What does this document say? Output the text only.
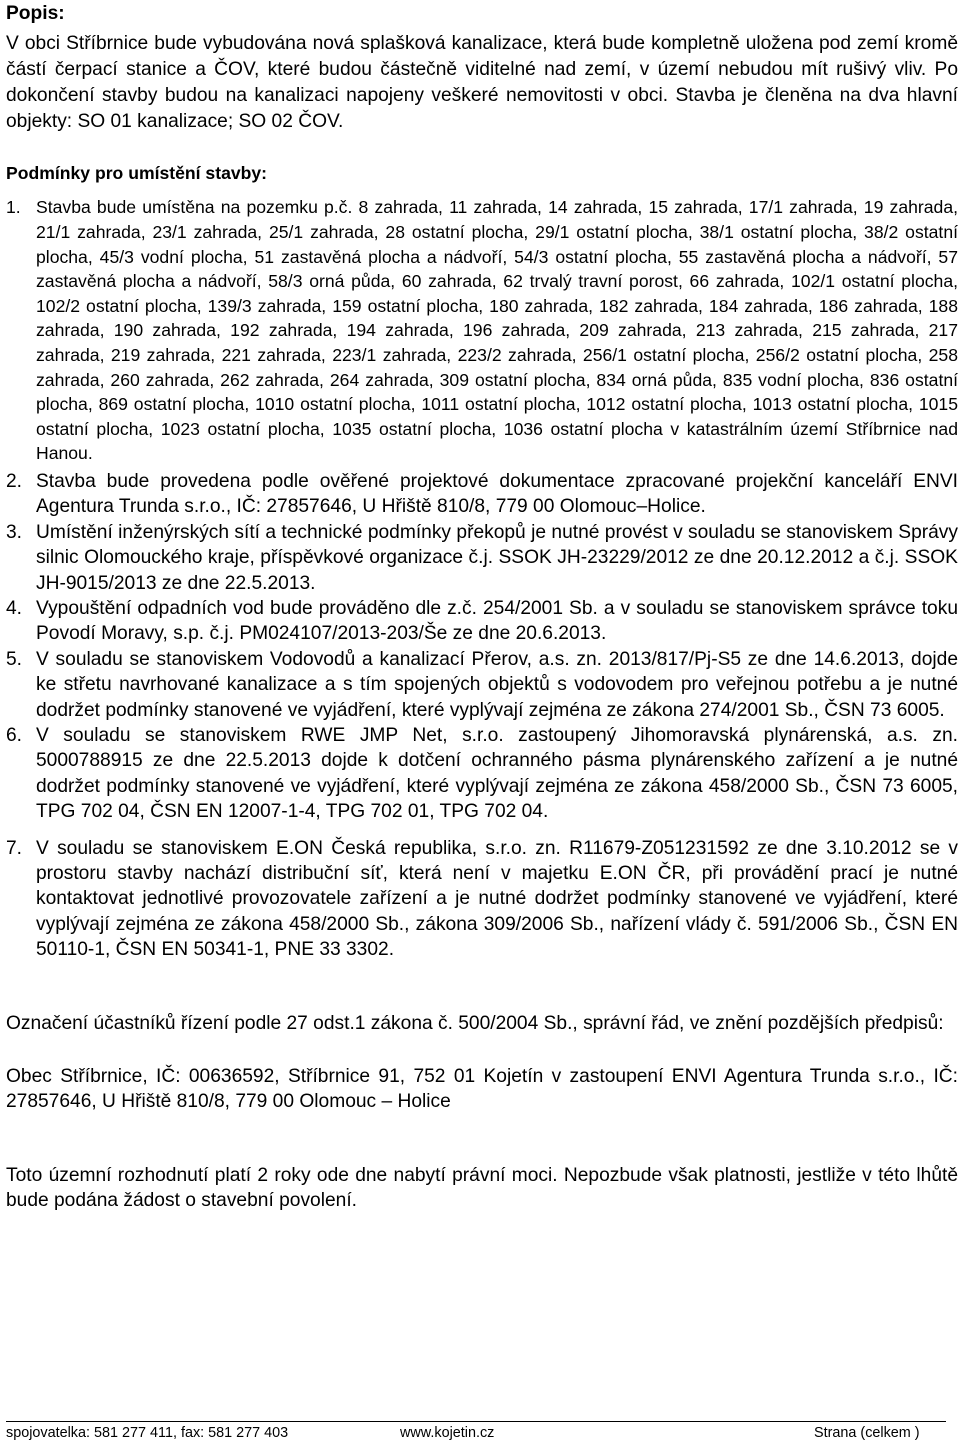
Popis:
V obci Stříbrnice bude vybudována nová splašková kanalizace, která bude kompletně uložena pod zemí kromě částí čerpací stanice a ČOV, které budou částečně viditelné nad zemí, v území nebudou mít rušivý vliv. Po dokončení stavby budou na kanalizaci napojeny veškeré nemovitosti v obci. Stavba je členěna na dva hlavní objekty: SO 01 kanalizace; SO 02 ČOV.
Podmínky pro umístění stavby:
1. Stavba bude umístěna na pozemku p.č. 8 zahrada, 11 zahrada, 14 zahrada, 15 zahrada, 17/1 zahrada, 19 zahrada, 21/1 zahrada, 23/1 zahrada, 25/1 zahrada, 28 ostatní plocha, 29/1 ostatní plocha, 38/1 ostatní plocha, 38/2 ostatní plocha, 45/3 vodní plocha, 51 zastavěná plocha a nádvoří, 54/3 ostatní plocha, 55 zastavěná plocha a nádvoří, 57 zastavěná plocha a nádvoří, 58/3 orná půda, 60 zahrada, 62 trvalý travní porost, 66 zahrada, 102/1 ostatní plocha, 102/2 ostatní plocha, 139/3 zahrada, 159 ostatní plocha, 180 zahrada, 182 zahrada, 184 zahrada, 186 zahrada, 188 zahrada, 190 zahrada, 192 zahrada, 194 zahrada, 196 zahrada, 209 zahrada, 213 zahrada, 215 zahrada, 217 zahrada, 219 zahrada, 221 zahrada, 223/1 zahrada, 223/2 zahrada, 256/1 ostatní plocha, 256/2 ostatní plocha, 258 zahrada, 260 zahrada, 262 zahrada, 264 zahrada, 309 ostatní plocha, 834 orná půda, 835 vodní plocha, 836 ostatní plocha, 869 ostatní plocha, 1010 ostatní plocha, 1011 ostatní plocha, 1012 ostatní plocha, 1013 ostatní plocha, 1015 ostatní plocha, 1023 ostatní plocha, 1035 ostatní plocha, 1036 ostatní plocha v katastrálním území Stříbrnice nad Hanou.
2. Stavba bude provedena podle ověřené projektové dokumentace zpracované projekční kanceláří ENVI Agentura Trunda s.r.o., IČ: 27857646, U Hřiště 810/8, 779 00 Olomouc–Holice.
3. Umístění inženýrských sítí a technické podmínky překopů je nutné provést v souladu se stanoviskem Správy silnic Olomouckého kraje, příspěvkové organizace č.j. SSOK JH-23229/2012 ze dne 20.12.2012 a č.j. SSOK JH-9015/2013 ze dne 22.5.2013.
4. Vypouštění odpadních vod bude prováděno dle z.č. 254/2001 Sb. a v souladu se stanoviskem správce toku Povodí Moravy, s.p. č.j. PM024107/2013-203/Še ze dne 20.6.2013.
5. V souladu se stanoviskem Vodovodů a kanalizací Přerov, a.s. zn. 2013/817/Pj-S5 ze dne 14.6.2013, dojde ke střetu navrhované kanalizace a s tím spojených objektů s vodovodem pro veřejnou potřebu a je nutné dodržet podmínky stanovené ve vyjádření, které vyplývají zejména ze zákona 274/2001 Sb., ČSN 73 6005.
6. V souladu se stanoviskem RWE JMP Net, s.r.o. zastoupený Jihomoravská plynárenská, a.s. zn. 5000788915 ze dne 22.5.2013 dojde k dotčení ochranného pásma plynárenského zařízení a je nutné dodržet podmínky stanovené ve vyjádření, které vyplývají zejména ze zákona 458/2000 Sb., ČSN 73 6005, TPG 702 04, ČSN EN 12007-1-4, TPG 702 01, TPG 702 04.
7. V souladu se stanoviskem E.ON Česká republika, s.r.o. zn. R11679-Z051231592 ze dne 3.10.2012 se v prostoru stavby nachází distribuční síť, která není v majetku E.ON ČR, při provádění prací je nutné kontaktovat jednotlivé provozovatele zařízení a je nutné dodržet podmínky stanovené ve vyjádření, které vyplývají zejména ze zákona 458/2000 Sb., zákona 309/2006 Sb., nařízení vlády č. 591/2006 Sb., ČSN EN 50110-1, ČSN EN 50341-1, PNE 33 3302.
Označení účastníků řízení podle 27 odst.1 zákona č. 500/2004 Sb., správní řád, ve znění pozdějších předpisů:
Obec Stříbrnice, IČ: 00636592, Stříbrnice 91, 752 01 Kojetín v zastoupení ENVI Agentura Trunda s.r.o., IČ: 27857646, U Hřiště 810/8, 779 00 Olomouc – Holice
Toto územní rozhodnutí platí 2 roky ode dne nabytí právní moci. Nepozbude však platnosti, jestliže v této lhůtě bude podána žádost o stavební povolení.
spojovatelka: 581 277 411, fax: 581 277 403	www.kojetin.cz	Strana (celkem )
